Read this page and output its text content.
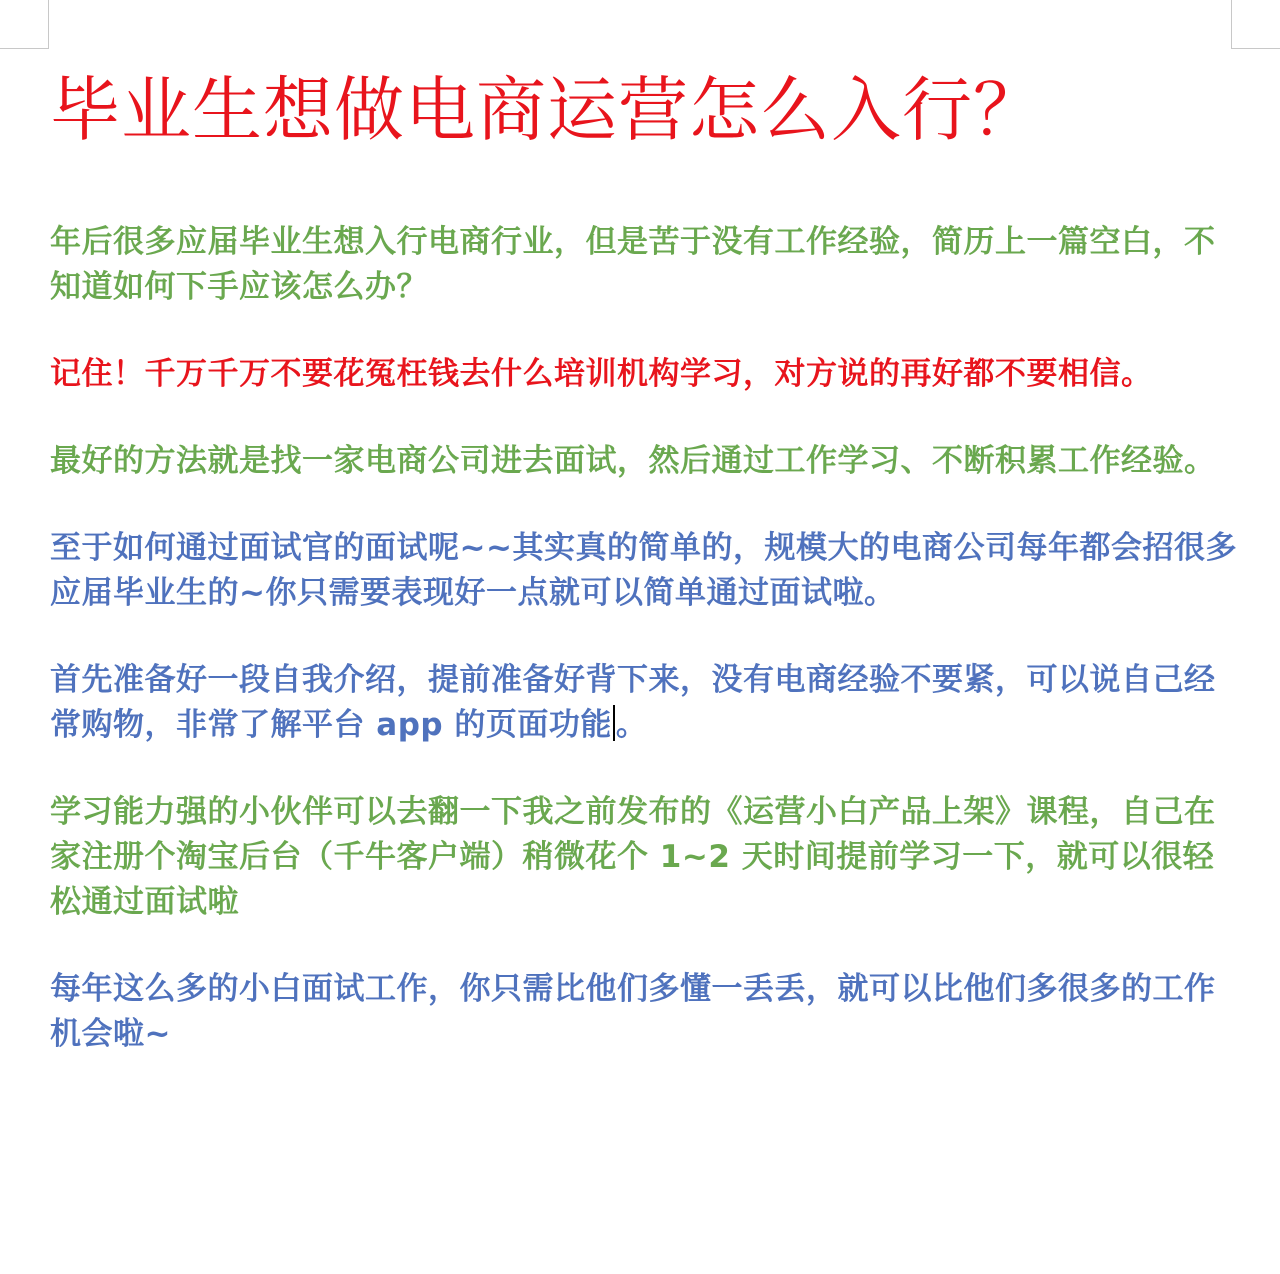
毕业生想做电商运营怎么入行？

年后很多应届毕业生想入行电商行业，但是苦于没有工作经验，简历上一篇空白，不知道如何下手应该怎么办？

记住！千万千万不要花冤枉钱去什么培训机构学习，对方说的再好都不要相信。

最好的方法就是找一家电商公司进去面试，然后通过工作学习、不断积累工作经验。

至于如何通过面试官的面试呢~~其实真的简单的，规模大的电商公司每年都会招很多应届毕业生的~你只需要表现好一点就可以简单通过面试啦。

首先准备好一段自我介绍，提前准备好背下来，没有电商经验不要紧，可以说自己经常购物，非常了解平台 app 的页面功能 。

学习能力强的小伙伴可以去翻一下我之前发布的《运营小白产品上架》课程，自己在家注册个淘宝后台（千牛客户端）稍微花个 1~2 天时间提前学习一下，就可以很轻松通过面试啦

每年这么多的小白面试工作，你只需比他们多懂一丢丢，就可以比他们多很多的工作机会啦~
